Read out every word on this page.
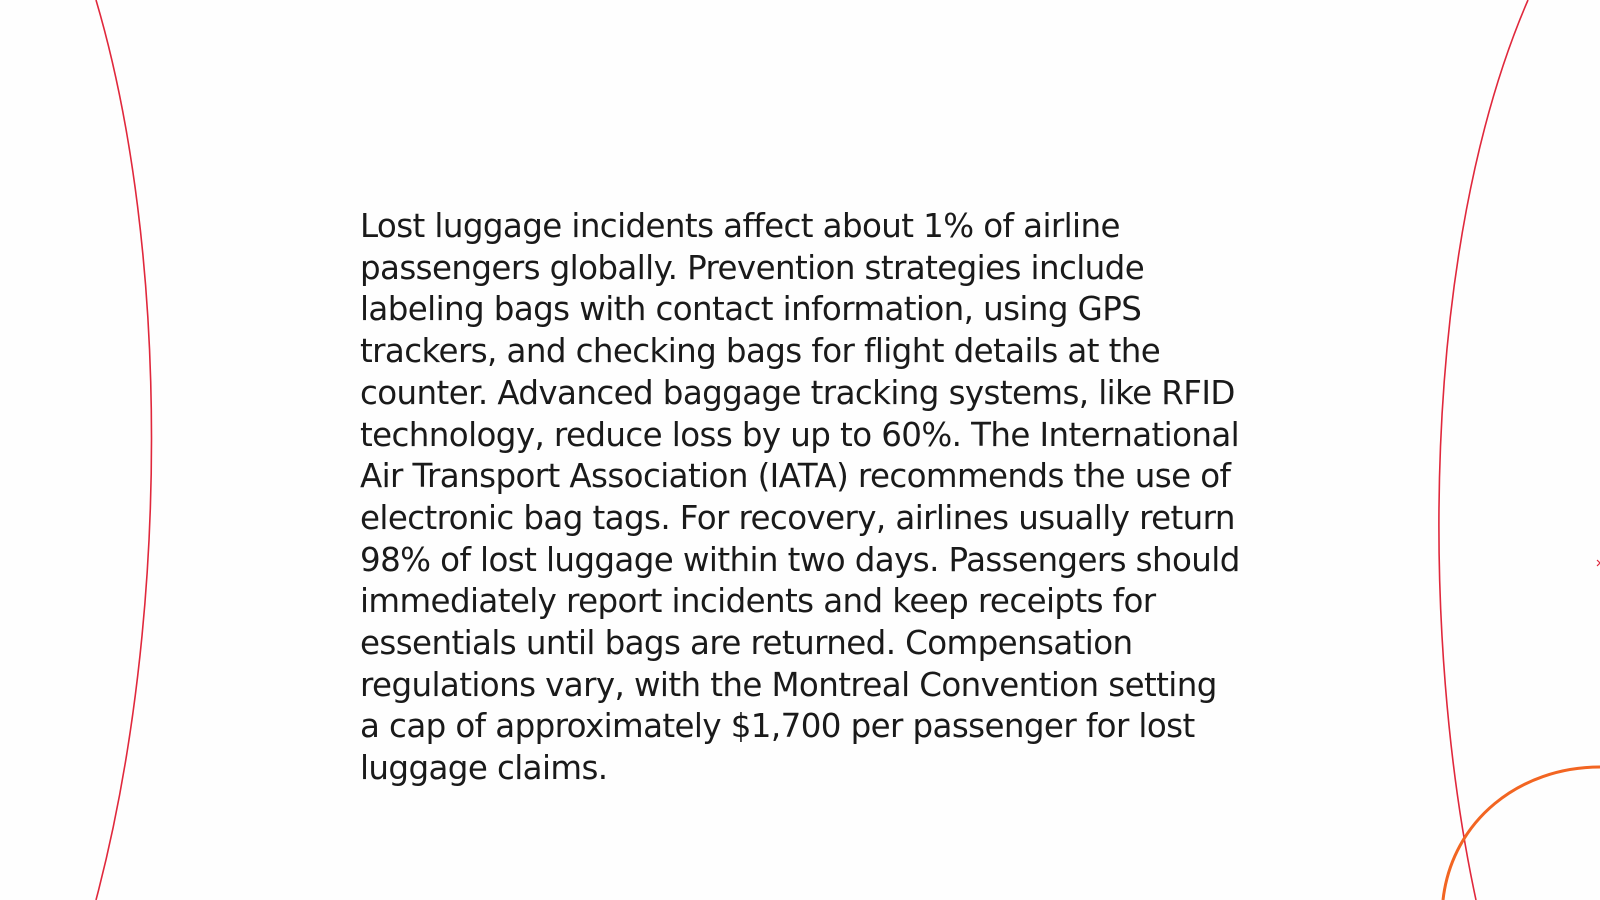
Lost luggage incidents affect about 1% of airline passengers globally. Prevention strategies include labeling bags with contact information, using GPS trackers, and checking bags for flight details at the counter. Advanced baggage tracking systems, like RFID technology, reduce loss by up to 60%. The International Air Transport Association (IATA) recommends the use of electronic bag tags. For recovery, airlines usually return 98% of lost luggage within two days. Passengers should immediately report incidents and keep receipts for essentials until bags are returned. Compensation regulations vary, with the Montreal Convention setting a cap of approximately $1,700 per passenger for lost luggage claims.
